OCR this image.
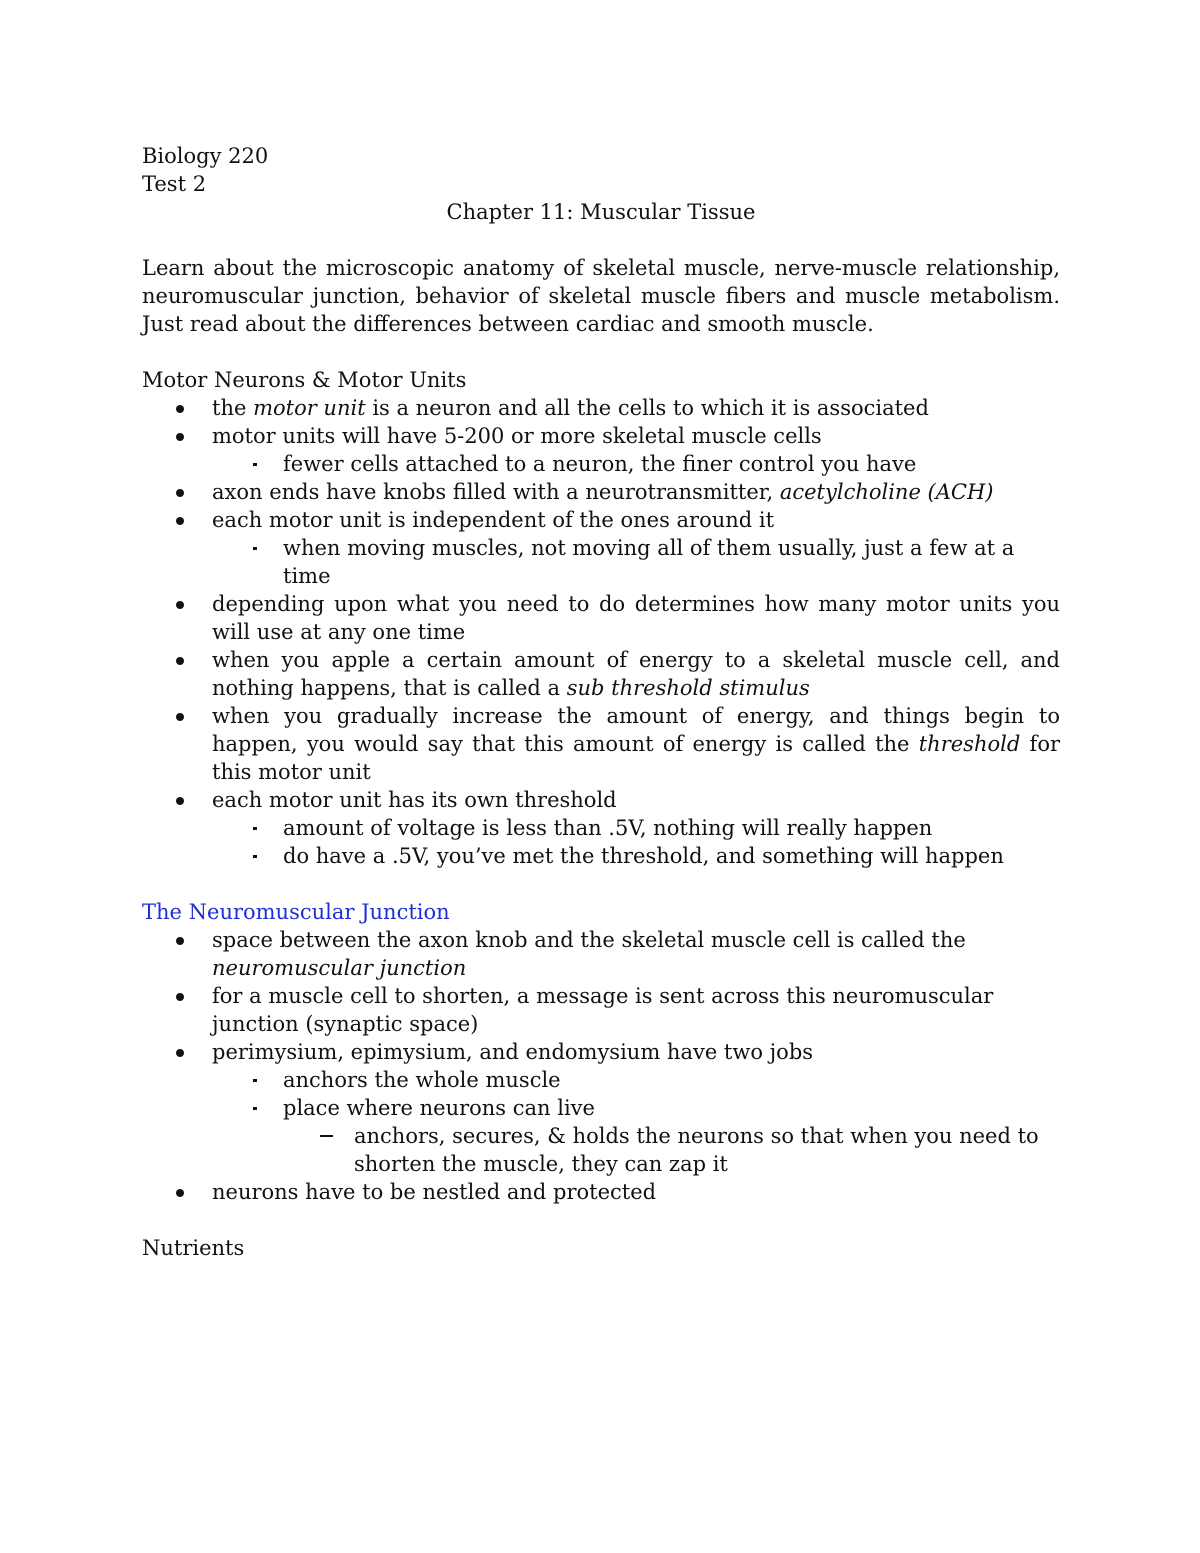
Biology 220

Test 2

Chapter 11: Muscular Tissue

Learn about the microscopic anatomy of skeletal muscle, nerve-muscle relationship, neuromuscular junction, behavior of skeletal muscle fibers and muscle metabolism. Just read about the differences between cardiac and smooth muscle.

Motor Neurons & Motor Units

the motor unit is a neuron and all the cells to which it is associated
motor units will have 5-200 or more skeletal muscle cells
fewer cells attached to a neuron, the finer control you have
axon ends have knobs filled with a neurotransmitter, acetylcholine (ACH)
each motor unit is independent of the ones around it
when moving muscles, not moving all of them usually, just a few at a time
depending upon what you need to do determines how many motor units you will use at any one time
when you apple a certain amount of energy to a skeletal muscle cell, and nothing happens, that is called a sub threshold stimulus
when you gradually increase the amount of energy, and things begin to happen, you would say that this amount of energy is called the threshold for this motor unit
each motor unit has its own threshold
amount of voltage is less than .5V, nothing will really happen
do have a .5V, you’ve met the threshold, and something will happen

The Neuromuscular Junction

space between the axon knob and the skeletal muscle cell is called the
neuromuscular junction
for a muscle cell to shorten, a message is sent across this neuromuscular junction (synaptic space)
perimysium, epimysium, and endomysium have two jobs
anchors the whole muscle
place where neurons can live
anchors, secures, & holds the neurons so that when you need to shorten the muscle, they can zap it
neurons have to be nestled and protected

Nutrients
